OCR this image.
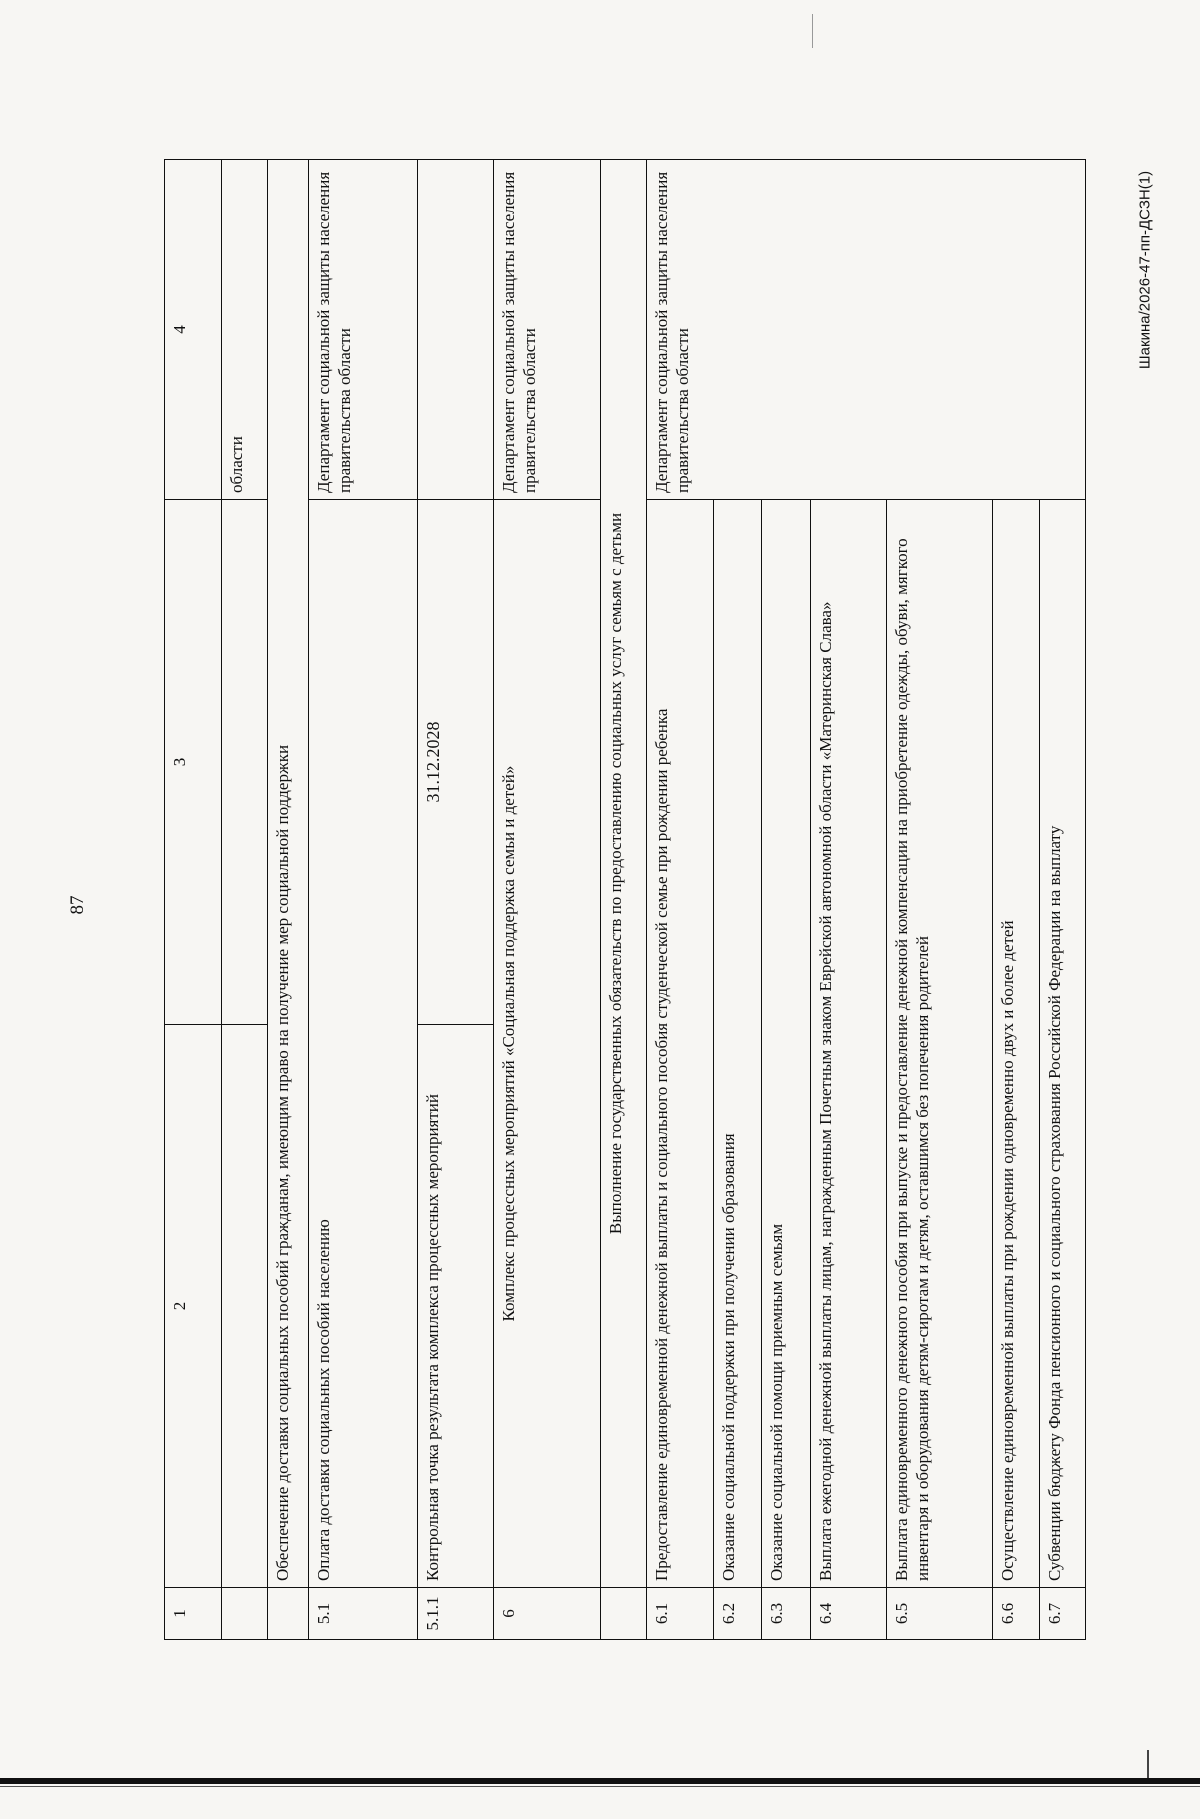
87
Шакина/2026-47-пп-ДСЗН(1)
1	2	3	4
			области
	Обеспечение доставки социальных пособий гражданам, имеющим право на получение мер социальной поддержки		
5.1	Оплата доставки социальных пособий населению		Департамент социальной защиты населения правительства области
5.1.1	Контрольная точка результата комплекса процессных мероприятий	31.12.2028	
6	Комплекс процессных мероприятий «Социальная поддержка семьи и детей»		Департамент социальной защиты населения правительства области
	Выполнение государственных обязательств по предоставлению социальных услуг семьям с детьми		
6.1	Предоставление единовременной денежной выплаты и социального пособия студенческой семье при рождении ребенка		Департамент социальной защиты населения правительства области
6.2	Оказание социальной поддержки при получении образования		
6.3	Оказание социальной помощи приемным семьям		
6.4	Выплата ежегодной денежной выплаты лицам, награжденным Почетным знаком Еврейской автономной области «Материнская Слава»		
6.5	Выплата единовременного денежного пособия при выпуске и предоставление денежной компенсации на приобретение одежды, обуви, мягкого инвентаря и оборудования детям-сиротам и детям, оставшимся без попечения родителей		
6.6	Осуществление единовременной выплаты при рождении одновременно двух и более детей		
6.7	Субвенции бюджету Фонда пенсионного и социального страхования Российской Федерации на выплату		
